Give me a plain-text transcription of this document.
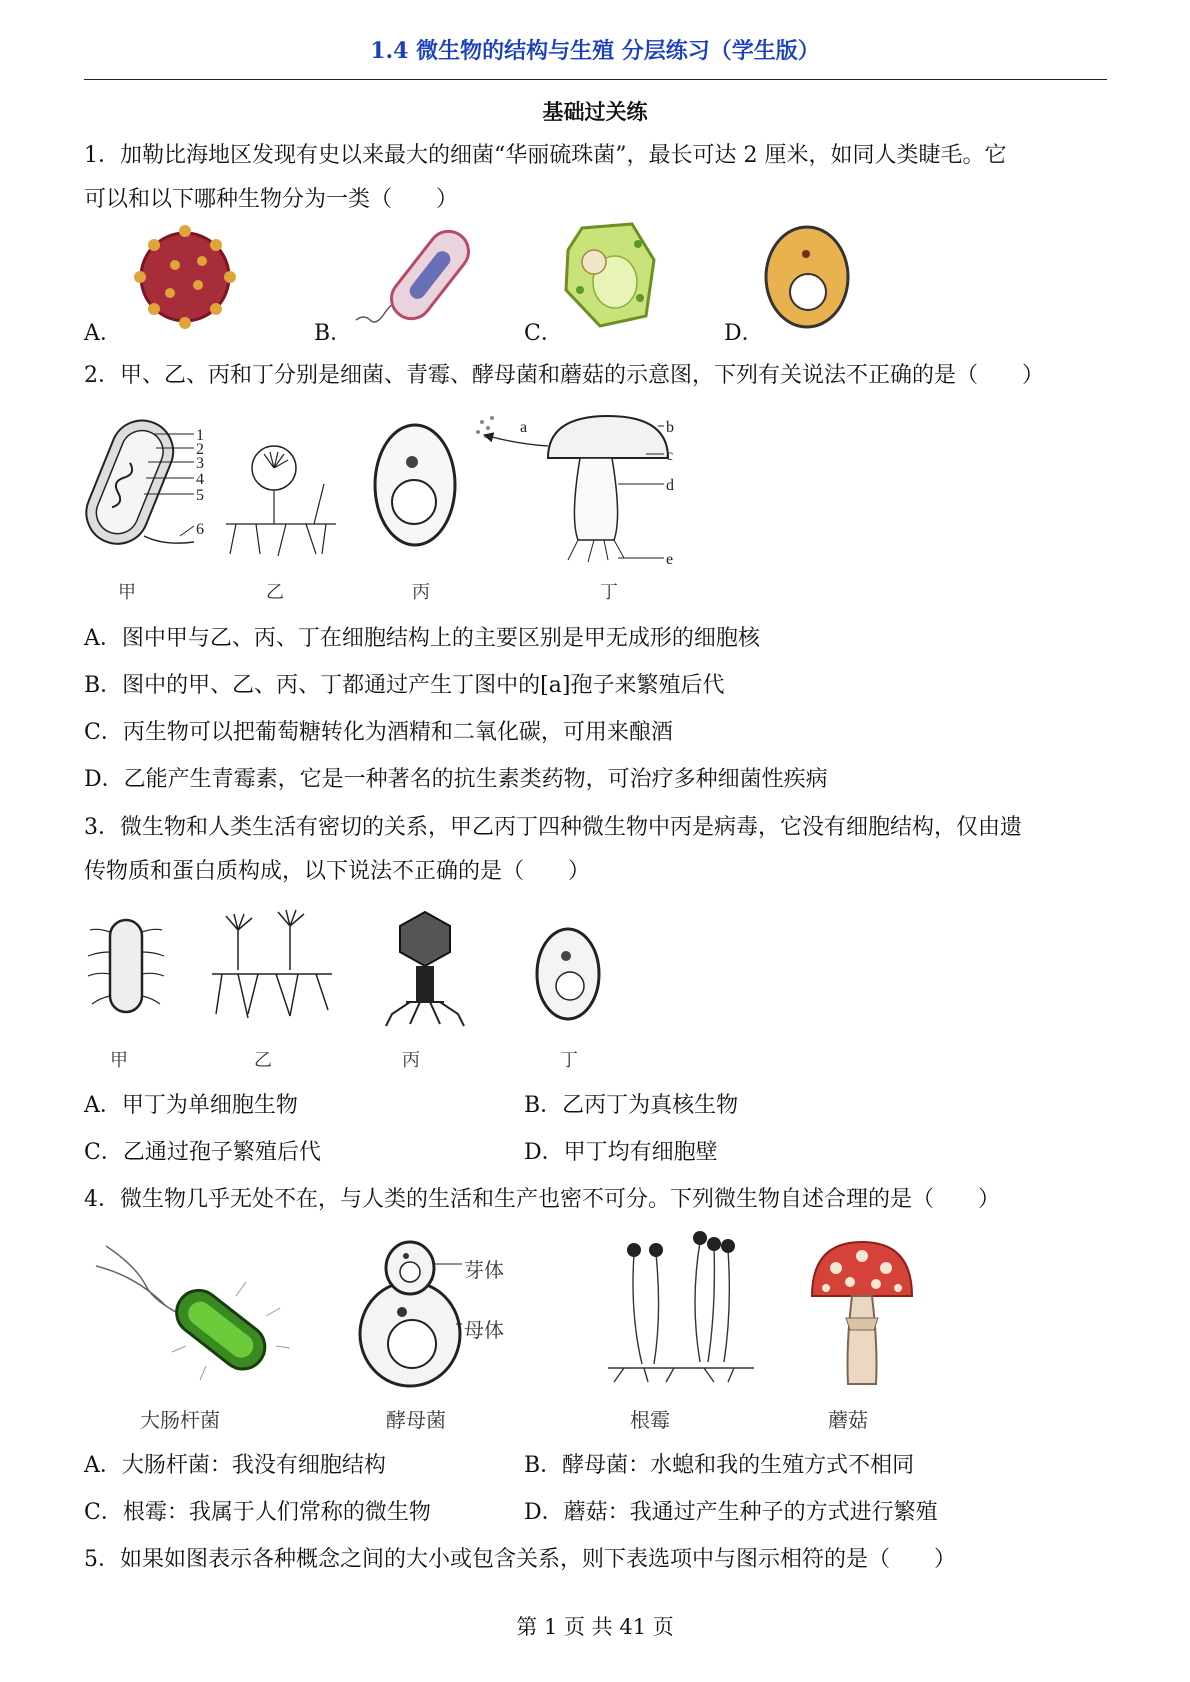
1.4 微生物的结构与生殖 分层练习（学生版）
基础过关练
1．加勒比海地区发现有史以来最大的细菌“华丽硫珠菌”，最长可达 2 厘米，如同人类睫毛。它
可以和以下哪种生物分为一类（　　）
A．	B．	C．	D．
2．甲、乙、丙和丁分别是细菌、青霉、酵母菌和蘑菇的示意图，下列有关说法不正确的是（　　）
1
2
3
4
5
6
a	b
c
d
e
甲	乙	丙	丁
A．图中甲与乙、丙、丁在细胞结构上的主要区别是甲无成形的细胞核
B．图中的甲、乙、丙、丁都通过产生丁图中的[a]孢子来繁殖后代
C．丙生物可以把葡萄糖转化为酒精和二氧化碳，可用来酿酒
D．乙能产生青霉素，它是一种著名的抗生素类药物，可治疗多种细菌性疾病
3．微生物和人类生活有密切的关系，甲乙丙丁四种微生物中丙是病毒，它没有细胞结构，仅由遗
传物质和蛋白质构成，以下说法不正确的是（　　）
甲	乙	丙	丁
A．甲丁为单细胞生物	B．乙丙丁为真核生物
C．乙通过孢子繁殖后代	D．甲丁均有细胞壁
4．微生物几乎无处不在，与人类的生活和生产也密不可分。下列微生物自述合理的是（　　）
芽体
母体
大肠杆菌	酵母菌	根霉	蘑菇
A．大肠杆菌：我没有细胞结构	B．酵母菌：水螅和我的生殖方式不相同
C．根霉：我属于人们常称的微生物	D．蘑菇：我通过产生种子的方式进行繁殖
5．如果如图表示各种概念之间的大小或包含关系，则下表选项中与图示相符的是（　　）
第 1 页 共 41 页
